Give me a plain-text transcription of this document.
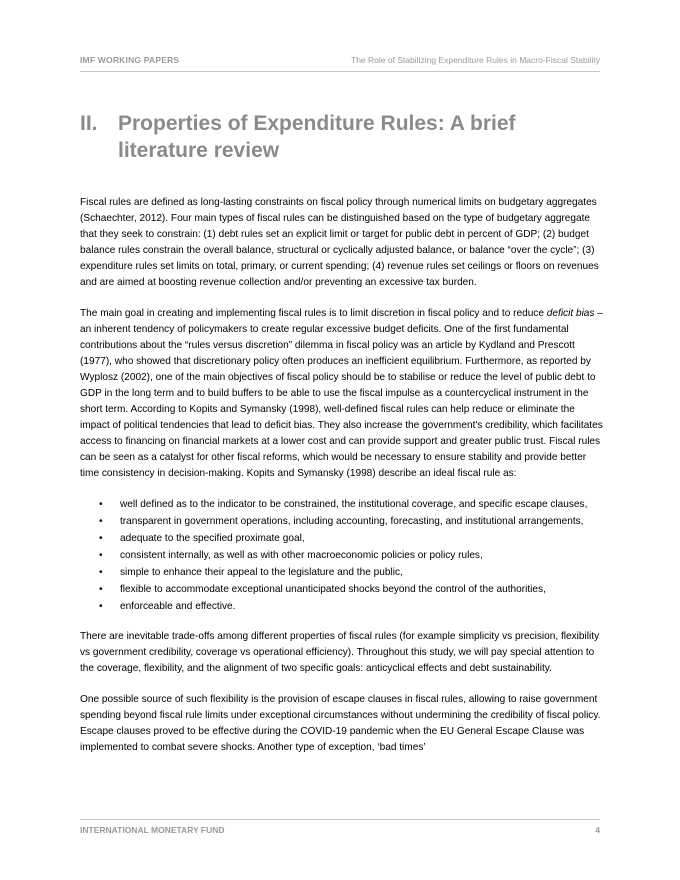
IMF WORKING PAPERS	The Role of Stabilizing Expenditure Rules in Macro-Fiscal Stability
II. Properties of Expenditure Rules: A brief literature review

Fiscal rules are defined as long-lasting constraints on fiscal policy through numerical limits on budgetary aggregates (Schaechter, 2012). Four main types of fiscal rules can be distinguished based on the type of budgetary aggregate that they seek to constrain: (1) debt rules set an explicit limit or target for public debt in percent of GDP; (2) budget balance rules constrain the overall balance, structural or cyclically adjusted balance, or balance “over the cycle”; (3) expenditure rules set limits on total, primary, or current spending; (4) revenue rules set ceilings or floors on revenues and are aimed at boosting revenue collection and/or preventing an excessive tax burden.

The main goal in creating and implementing fiscal rules is to limit discretion in fiscal policy and to reduce deficit bias – an inherent tendency of policymakers to create regular excessive budget deficits. One of the first fundamental contributions about the “rules versus discretion” dilemma in fiscal policy was an article by Kydland and Prescott (1977), who showed that discretionary policy often produces an inefficient equilibrium. Furthermore, as reported by Wyplosz (2002), one of the main objectives of fiscal policy should be to stabilise or reduce the level of public debt to GDP in the long term and to build buffers to be able to use the fiscal impulse as a countercyclical instrument in the short term. According to Kopits and Symansky (1998), well-defined fiscal rules can help reduce or eliminate the impact of political tendencies that lead to deficit bias. They also increase the government's credibility, which facilitates access to financing on financial markets at a lower cost and can provide support and greater public trust. Fiscal rules can be seen as a catalyst for other fiscal reforms, which would be necessary to ensure stability and provide better time consistency in decision-making. Kopits and Symansky (1998) describe an ideal fiscal rule as:

• well defined as to the indicator to be constrained, the institutional coverage, and specific escape clauses,
• transparent in government operations, including accounting, forecasting, and institutional arrangements,
• adequate to the specified proximate goal,
• consistent internally, as well as with other macroeconomic policies or policy rules,
• simple to enhance their appeal to the legislature and the public,
• flexible to accommodate exceptional unanticipated shocks beyond the control of the authorities,
• enforceable and effective.

There are inevitable trade-offs among different properties of fiscal rules (for example simplicity vs precision, flexibility vs government credibility, coverage vs operational efficiency). Throughout this study, we will pay special attention to the coverage, flexibility, and the alignment of two specific goals: anticyclical effects and debt sustainability.

One possible source of such flexibility is the provision of escape clauses in fiscal rules, allowing to raise government spending beyond fiscal rule limits under exceptional circumstances without undermining the credibility of fiscal policy. Escape clauses proved to be effective during the COVID-19 pandemic when the EU General Escape Clause was implemented to combat severe shocks. Another type of exception, ‘bad times’

INTERNATIONAL MONETARY FUND	4
